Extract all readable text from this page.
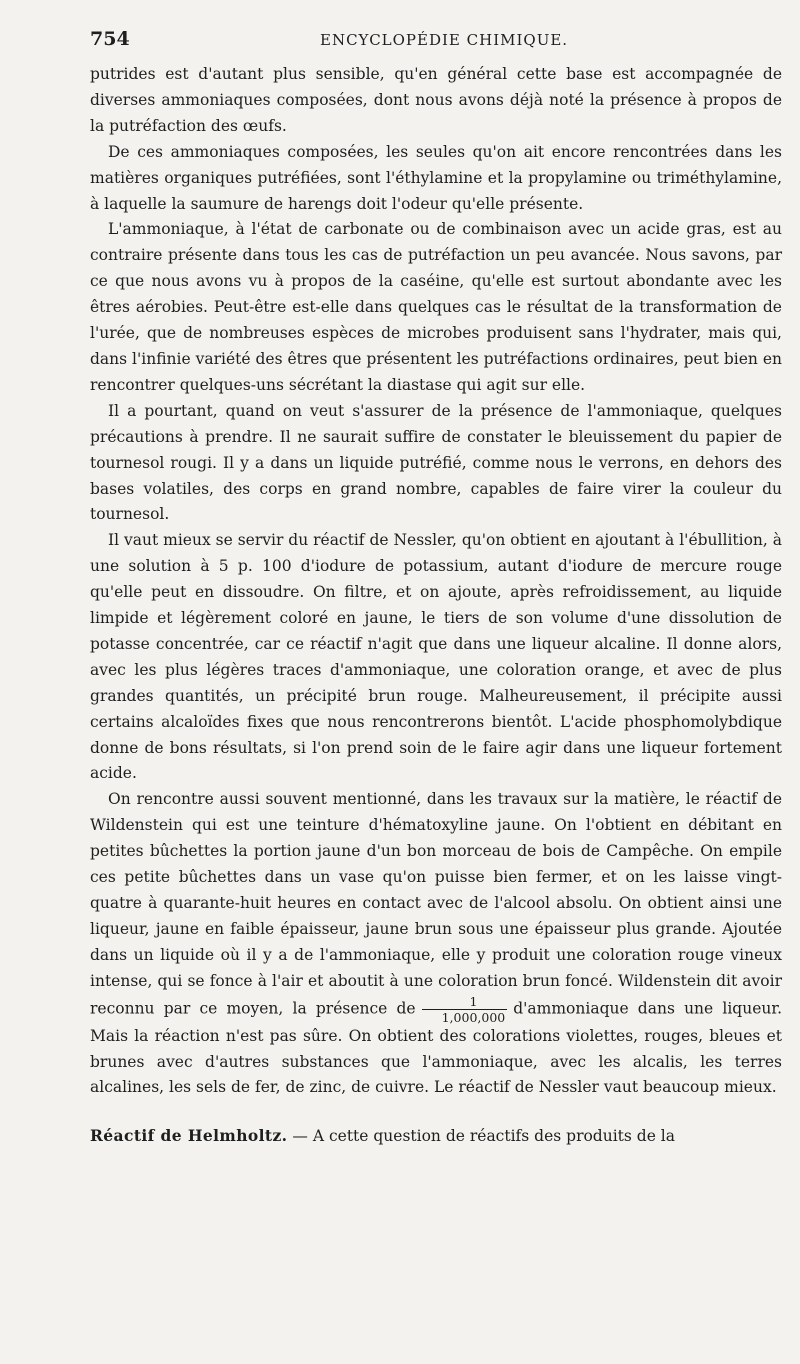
754	ENCYCLOPÉDIE CHIMIQUE.

putrides est d'autant plus sensible, qu'en général cette base est accompagnée de diverses ammoniaques composées, dont nous avons déjà noté la présence à propos de la putréfaction des œufs.

De ces ammoniaques composées, les seules qu'on ait encore rencontrées dans les matières organiques putréfiées, sont l'éthylamine et la propylamine ou triméthylamine, à laquelle la saumure de harengs doit l'odeur qu'elle présente.

L'ammoniaque, à l'état de carbonate ou de combinaison avec un acide gras, est au contraire présente dans tous les cas de putréfaction un peu avancée. Nous savons, par ce que nous avons vu à propos de la caséine, qu'elle est surtout abondante avec les êtres aérobies. Peut-être est-elle dans quelques cas le résultat de la transformation de l'urée, que de nombreuses espèces de microbes produisent sans l'hydrater, mais qui, dans l'infinie variété des êtres que présentent les putréfactions ordinaires, peut bien en rencontrer quelques-uns sécrétant la diastase qui agit sur elle.

Il a pourtant, quand on veut s'assurer de la présence de l'ammoniaque, quelques précautions à prendre. Il ne saurait suffire de constater le bleuissement du papier de tournesol rougi. Il y a dans un liquide putréfié, comme nous le verrons, en dehors des bases volatiles, des corps en grand nombre, capables de faire virer la couleur du tournesol.

Il vaut mieux se servir du réactif de Nessler, qu'on obtient en ajoutant à l'ébullition, à une solution à 5 p. 100 d'iodure de potassium, autant d'iodure de mercure rouge qu'elle peut en dissoudre. On filtre, et on ajoute, après refroidissement, au liquide limpide et légèrement coloré en jaune, le tiers de son volume d'une dissolution de potasse concentrée, car ce réactif n'agit que dans une liqueur alcaline. Il donne alors, avec les plus légères traces d'ammoniaque, une coloration orange, et avec de plus grandes quantités, un précipité brun rouge. Malheureusement, il précipite aussi certains alcaloïdes fixes que nous rencontrerons bientôt. L'acide phosphomolybdique donne de bons résultats, si l'on prend soin de le faire agir dans une liqueur fortement acide.

On rencontre aussi souvent mentionné, dans les travaux sur la matière, le réactif de Wildenstein qui est une teinture d'hématoxyline jaune. On l'obtient en débitant en petites bûchettes la portion jaune d'un bon morceau de bois de Campêche. On empile ces petite bûchettes dans un vase qu'on puisse bien fermer, et on les laisse vingt-quatre à quarante-huit heures en contact avec de l'alcool absolu. On obtient ainsi une liqueur, jaune en faible épaisseur, jaune brun sous une épaisseur plus grande. Ajoutée dans un liquide où il y a de l'ammoniaque, elle y produit une coloration rouge vineux intense, qui se fonce à l'air et aboutit à une coloration brun foncé. Wildenstein dit avoir reconnu par ce moyen, la présence de $\frac{1}{1,000,000}$ d'ammoniaque dans une liqueur. Mais la réaction n'est pas sûre. On obtient des colorations violettes, rouges, bleues et brunes avec d'autres substances que l'ammoniaque, avec les alcalis, les terres alcalines, les sels de fer, de zinc, de cuivre. Le réactif de Nessler vaut beaucoup mieux.

Réactif de Helmholtz. — A cette question de réactifs des produits de la
